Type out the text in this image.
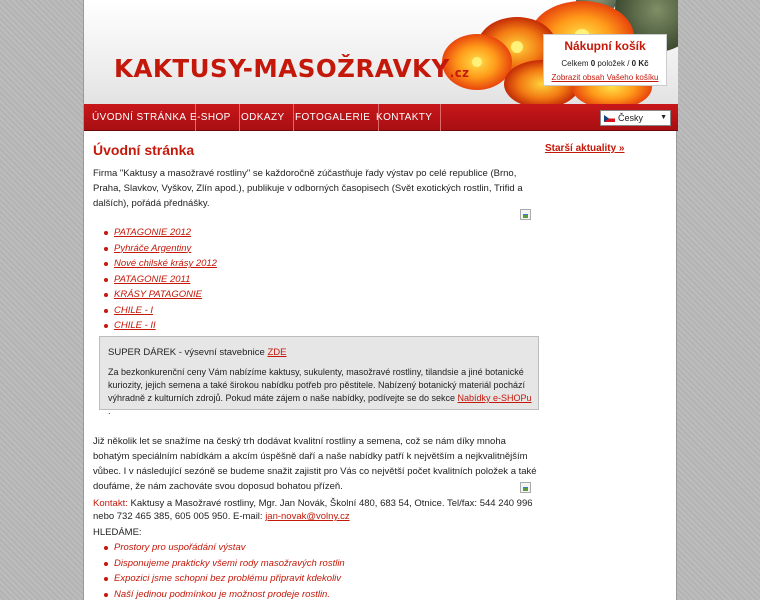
KAKTUSY-MASOŽRAVKY.cz
Nákupní košík
Celkem 0 položek / 0 Kč
Zobrazit obsah Vašeho košíku
ÚVODNÍ STRÁNKA E-SHOP	ODKAZY	FOTOGALERIE KONTAKTY	Česky ▼
Starší aktuality »
Úvodní stránka

Firma "Kaktusy a masožravé rostliny" se každoročně zúčastňuje řady výstav po celé republice (Brno, Praha, Slavkov, Vyškov, Zlín apod.), publikuje v odborných časopisech (Svět exotických rostlin, Trifid a dalších), pořádá přednášky.

PATAGONIE 2012
Pyhráče Argentiny
Nové chilské krásy 2012
PATAGONIE 2011
KRÁSY PATAGONIE
CHILE - I
CHILE - II
SUPER DÁREK - výsevní stavebnice ZDE

Za bezkonkurenční ceny Vám nabízíme kaktusy, sukulenty, masožravé rostliny, tilandsie a jiné botanické kuriozity, jejich semena a také širokou nabídku potřeb pro pěstitele. Nabízený botanický materiál pochází výhradně z kulturních zdrojů. Pokud máte zájem o naše nabídky, podívejte se do sekce Nabídky e-SHOPu .

Již několik let se snažíme na český trh dodávat kvalitní rostliny a semena, což se nám díky mnoha bohatým speciálním nabídkám a akcím úspěšně daří a naše nabídky patří k největším a nejkvalitnějším vůbec. I v následující sezóně se budeme snažit zajistit pro Vás co největší počet kvalitních položek a také doufáme, že nám zachováte svou doposud bohatou přízeň.

Kontakt: Kaktusy a Masožravé rostliny, Mgr. Jan Novák, Školní 480, 683 54, Otnice. Tel/fax: 544 240 996 nebo 732 465 385, 605 005 950. E-mail: jan-novak@volny.cz

HLEDÁME:

Prostory pro uspořádání výstav
Disponujeme prakticky všemi rody masožravých rostlin
Expozici jsme schopni bez problému připravit kdekoliv
Naší jedinou podmínkou je možnost prodeje rostlin.
